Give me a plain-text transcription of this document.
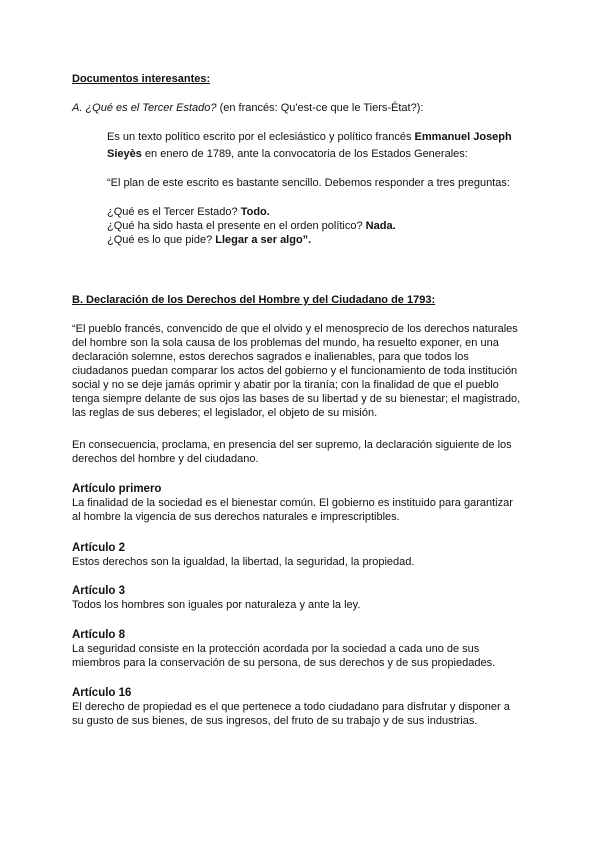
Documentos interesantes:
A. ¿Qué es el Tercer Estado? (en francés: Qu'est-ce que le Tiers-État?):
Es un texto político escrito por el eclesiástico y político francés Emmanuel Joseph
Sieyès en enero de 1789, ante la convocatoria de los Estados Generales:
“El plan de este escrito es bastante sencillo. Debemos responder a tres preguntas:
¿Qué es el Tercer Estado? Todo.
¿Qué ha sido hasta el presente en el orden político? Nada.
¿Qué es lo que pide? Llegar a ser algo”.
B. Declaración de los Derechos del Hombre y del Ciudadano de 1793:
“El pueblo francés, convencido de que el olvido y el menosprecio de los derechos naturales
del hombre son la sola causa de los problemas del mundo, ha resuelto exponer, en una
declaración solemne, estos derechos sagrados e inalienables, para que todos los
ciudadanos puedan comparar los actos del gobierno y el funcionamiento de toda institución
social y no se deje jamás oprimir y abatir por la tiranía; con la finalidad de que el pueblo
tenga siempre delante de sus ojos las bases de su libertad y de su bienestar; el magistrado,
las reglas de sus deberes; el legislador, el objeto de su misión.
En consecuencia, proclama, en presencia del ser supremo, la declaración siguiente de los
derechos del hombre y del ciudadano.
Artículo primero
La finalidad de la sociedad es el bienestar común. El gobierno es instituido para garantizar
al hombre la vigencia de sus derechos naturales e imprescriptibles.
Artículo 2
Estos derechos son la igualdad, la libertad, la seguridad, la propiedad.
Artículo 3
Todos los hombres son iguales por naturaleza y ante la ley.
Artículo 8
La seguridad consiste en la protección acordada por la sociedad a cada uno de sus
miembros para la conservación de su persona, de sus derechos y de sus propiedades.
Artículo 16
El derecho de propiedad es el que pertenece a todo ciudadano para disfrutar y disponer a
su gusto de sus bienes, de sus ingresos, del fruto de su trabajo y de sus industrias.
